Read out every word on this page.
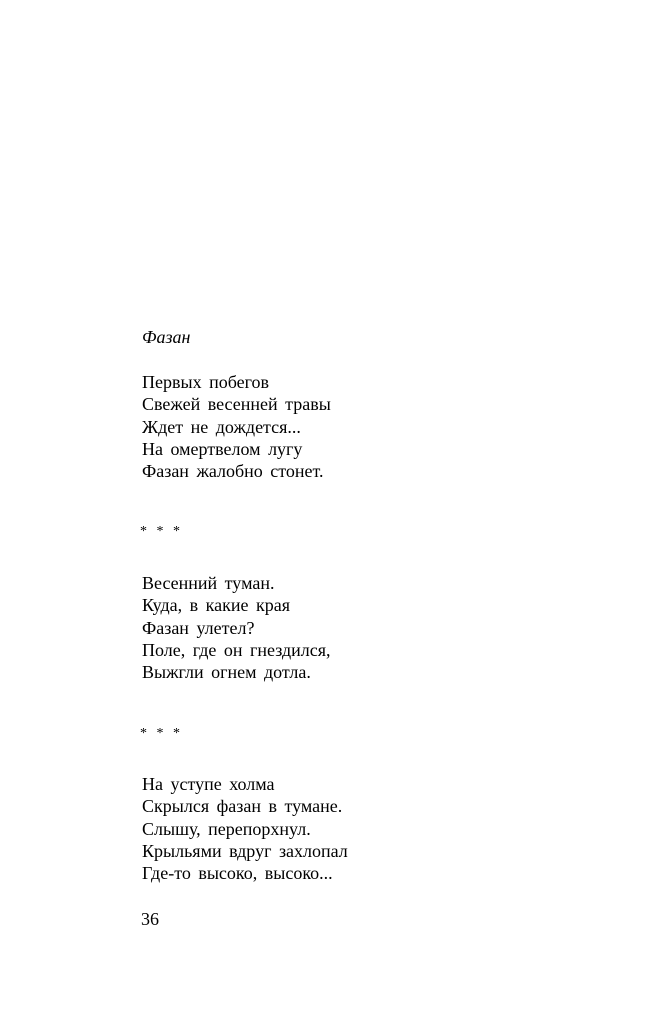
Фазан
Первых побегов
Свежей весенней травы
Ждет не дождется...
На омертвелом лугу
Фазан жалобно стонет.

* * *

Весенний туман.
Куда, в какие края
Фазан улетел?
Поле, где он гнездился,
Выжгли огнем дотла.

* * *

На уступе холма
Скрылся фазан в тумане.
Слышу, перепорхнул.
Крыльями вдруг захлопал
Где-то высоко, высоко...

36
